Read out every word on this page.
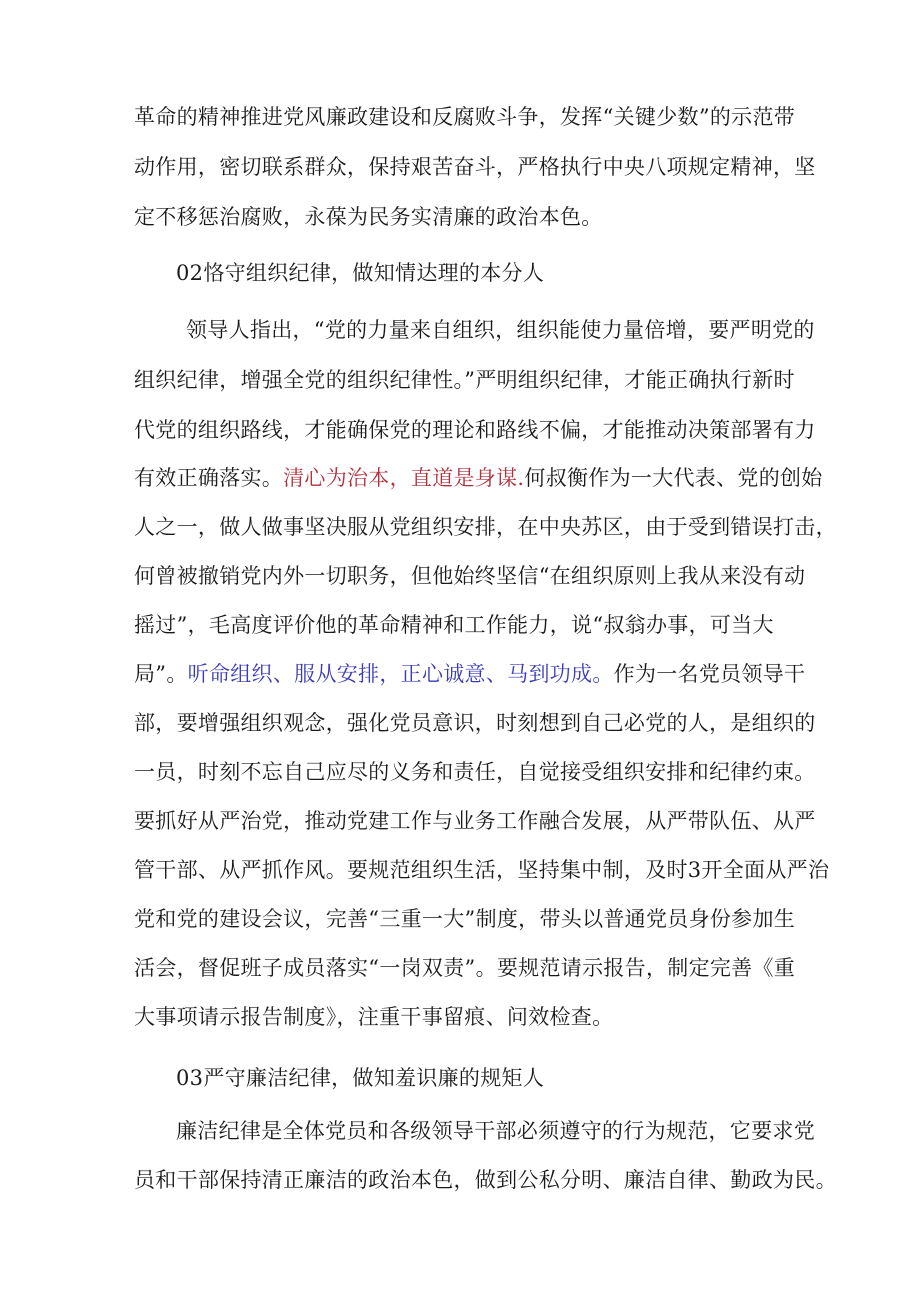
革命的精神推进党风廉政建设和反腐败斗争，发挥“关键少数”的示范带
动作用，密切联系群众，保持艰苦奋斗，严格执行中央八项规定精神，坚
定不移惩治腐败，永葆为民务实清廉的政治本色。
02恪守组织纪律，做知情达理的本分人
领导人指出，“党的力量来自组织，组织能使力量倍增，要严明党的
组织纪律，增强全党的组织纪律性。”严明组织纪律，才能正确执行新时
代党的组织路线，才能确保党的理论和路线不偏，才能推动决策部署有力
有效正确落实。清心为治本，直道是身谋.何叔衡作为一大代表、党的创始
人之一，做人做事坚决服从党组织安排，在中央苏区，由于受到错误打击，
何曾被撤销党内外一切职务，但他始终坚信“在组织原则上我从来没有动
摇过”，毛高度评价他的革命精神和工作能力，说“叔翁办事，可当大
局”。听命组织、服从安排，正心诚意、马到功成。作为一名党员领导干
部，要增强组织观念，强化党员意识，时刻想到自己必党的人，是组织的
一员，时刻不忘自己应尽的义务和责任，自觉接受组织安排和纪律约束。
要抓好从严治党，推动党建工作与业务工作融合发展，从严带队伍、从严
管干部、从严抓作风。要规范组织生活，坚持集中制，及时3开全面从严治
党和党的建设会议，完善“三重一大”制度，带头以普通党员身份参加生
活会，督促班子成员落实“一岗双责”。要规范请示报告，制定完善《重
大事项请示报告制度》，注重干事留痕、问效检查。
03严守廉洁纪律，做知羞识廉的规矩人
廉洁纪律是全体党员和各级领导干部必须遵守的行为规范，它要求党
员和干部保持清正廉洁的政治本色，做到公私分明、廉洁自律、勤政为民。
